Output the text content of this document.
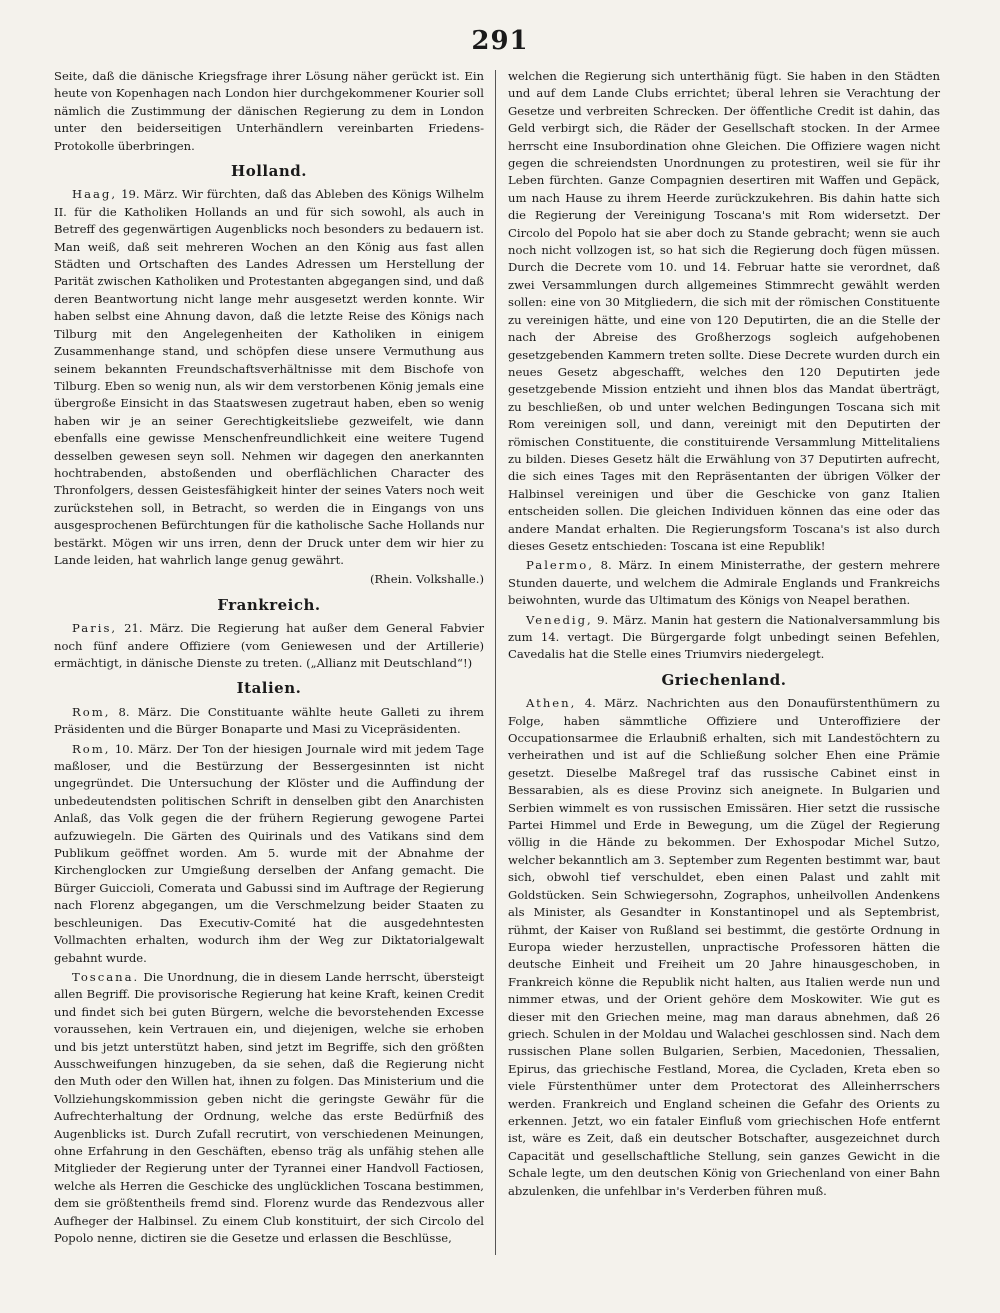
291

Seite, daß die dänische Kriegsfrage ihrer Lösung näher gerückt ist. Ein heute von Kopenhagen nach London hier durchgekommener Kourier soll nämlich die Zustimmung der dänischen Regierung zu dem in London unter den beiderseitigen Unterhändlern vereinbarten Friedens-Protokolle überbringen.

Holland.

Haag, 19. März. Wir fürchten, daß das Ableben des Königs Wilhelm II. für die Katholiken Hollands an und für sich sowohl, als auch in Betreff des gegenwärtigen Augenblicks noch besonders zu bedauern ist. Man weiß, daß seit mehreren Wochen an den König aus fast allen Städten und Ortschaften des Landes Adressen um Herstellung der Parität zwischen Katholiken und Protestanten abgegangen sind, und daß deren Beantwortung nicht lange mehr ausgesetzt werden konnte. Wir haben selbst eine Ahnung davon, daß die letzte Reise des Königs nach Tilburg mit den Angelegenheiten der Katholiken in einigem Zusammenhange stand, und schöpfen diese unsere Vermuthung aus seinem bekannten Freundschaftsverhältnisse mit dem Bischofe von Tilburg. Eben so wenig nun, als wir dem verstorbenen König jemals eine übergroße Einsicht in das Staatswesen zugetraut haben, eben so wenig haben wir je an seiner Gerechtigkeitsliebe gezweifelt, wie dann ebenfalls eine gewisse Menschenfreundlichkeit eine weitere Tugend desselben gewesen seyn soll. Nehmen wir dagegen den anerkannten hochtrabenden, abstoßenden und oberflächlichen Character des Thronfolgers, dessen Geistesfähigkeit hinter der seines Vaters noch weit zurückstehen soll, in Betracht, so werden die in Eingangs von uns ausgesprochenen Befürchtungen für die katholische Sache Hollands nur bestärkt. Mögen wir uns irren, denn der Druck unter dem wir hier zu Lande leiden, hat wahrlich lange genug gewährt.

(Rhein. Volkshalle.)
Frankreich.

Paris, 21. März. Die Regierung hat außer dem General Fabvier noch fünf andere Offiziere (vom Geniewesen und der Artillerie) ermächtigt, in dänische Dienste zu treten. („Allianz mit Deutschland“!)

Italien.

Rom, 8. März. Die Constituante wählte heute Galleti zu ihrem Präsidenten und die Bürger Bonaparte und Masi zu Vicepräsidenten.

Rom, 10. März. Der Ton der hiesigen Journale wird mit jedem Tage maßloser, und die Bestürzung der Bessergesinnten ist nicht ungegründet. Die Untersuchung der Klöster und die Auffindung der unbedeutendsten politischen Schrift in denselben gibt den Anarchisten Anlaß, das Volk gegen die der frühern Regierung gewogene Partei aufzuwiegeln. Die Gärten des Quirinals und des Vatikans sind dem Publikum geöffnet worden. Am 5. wurde mit der Abnahme der Kirchenglocken zur Umgießung derselben der Anfang gemacht. Die Bürger Guiccioli, Comerata und Gabussi sind im Auftrage der Regierung nach Florenz abgegangen, um die Verschmelzung beider Staaten zu beschleunigen. Das Executiv-Comité hat die ausgedehntesten Vollmachten erhalten, wodurch ihm der Weg zur Diktatorialgewalt gebahnt wurde.

Toscana. Die Unordnung, die in diesem Lande herrscht, übersteigt allen Begriff. Die provisorische Regierung hat keine Kraft, keinen Credit und findet sich bei guten Bürgern, welche die bevorstehenden Excesse voraussehen, kein Vertrauen ein, und diejenigen, welche sie erhoben und bis jetzt unterstützt haben, sind jetzt im Begriffe, sich den größten Ausschweifungen hinzugeben, da sie sehen, daß die Regierung nicht den Muth oder den Willen hat, ihnen zu folgen. Das Ministerium und die Vollziehungskommission geben nicht die geringste Gewähr für die Aufrechterhaltung der Ordnung, welche das erste Bedürfniß des Augenblicks ist. Durch Zufall recrutirt, von verschiedenen Meinungen, ohne Erfahrung in den Geschäften, ebenso träg als unfähig stehen alle Mitglieder der Regierung unter der Tyrannei einer Handvoll Factiosen, welche als Herren die Geschicke des unglücklichen Toscana bestimmen, dem sie größtentheils fremd sind. Florenz wurde das Rendezvous aller Aufheger der Halbinsel. Zu einem Club konstituirt, der sich Circolo del Popolo nenne, dictiren sie die Gesetze und erlassen die Beschlüsse,

welchen die Regierung sich unterthänig fügt. Sie haben in den Städten und auf dem Lande Clubs errichtet; überal lehren sie Verachtung der Gesetze und verbreiten Schrecken. Der öffentliche Credit ist dahin, das Geld verbirgt sich, die Räder der Gesellschaft stocken. In der Armee herrscht eine Insubordination ohne Gleichen. Die Offiziere wagen nicht gegen die schreiendsten Unordnungen zu protestiren, weil sie für ihr Leben fürchten. Ganze Compagnien desertiren mit Waffen und Gepäck, um nach Hause zu ihrem Heerde zurückzukehren. Bis dahin hatte sich die Regierung der Vereinigung Toscana's mit Rom widersetzt. Der Circolo del Popolo hat sie aber doch zu Stande gebracht; wenn sie auch noch nicht vollzogen ist, so hat sich die Regierung doch fügen müssen. Durch die Decrete vom 10. und 14. Februar hatte sie verordnet, daß zwei Versammlungen durch allgemeines Stimmrecht gewählt werden sollen: eine von 30 Mitgliedern, die sich mit der römischen Constituente zu vereinigen hätte, und eine von 120 Deputirten, die an die Stelle der nach der Abreise des Großherzogs sogleich aufgehobenen gesetzgebenden Kammern treten sollte. Diese Decrete wurden durch ein neues Gesetz abgeschafft, welches den 120 Deputirten jede gesetzgebende Mission entzieht und ihnen blos das Mandat überträgt, zu beschließen, ob und unter welchen Bedingungen Toscana sich mit Rom vereinigen soll, und dann, vereinigt mit den Deputirten der römischen Constituente, die constituirende Versammlung Mittelitaliens zu bilden. Dieses Gesetz hält die Erwählung von 37 Deputirten aufrecht, die sich eines Tages mit den Repräsentanten der übrigen Völker der Halbinsel vereinigen und über die Geschicke von ganz Italien entscheiden sollen. Die gleichen Individuen können das eine oder das andere Mandat erhalten. Die Regierungsform Toscana's ist also durch dieses Gesetz entschieden: Toscana ist eine Republik!

Palermo, 8. März. In einem Ministerrathe, der gestern mehrere Stunden dauerte, und welchem die Admirale Englands und Frankreichs beiwohnten, wurde das Ultimatum des Königs von Neapel berathen.

Venedig, 9. März. Manin hat gestern die Nationalversammlung bis zum 14. vertagt. Die Bürgergarde folgt unbedingt seinen Befehlen, Cavedalis hat die Stelle eines Triumvirs niedergelegt.

Griechenland.

Athen, 4. März. Nachrichten aus den Donaufürstenthümern zu Folge, haben sämmtliche Offiziere und Unteroffiziere der Occupationsarmee die Erlaubniß erhalten, sich mit Landestöchtern zu verheirathen und ist auf die Schließung solcher Ehen eine Prämie gesetzt. Dieselbe Maßregel traf das russische Cabinet einst in Bessarabien, als es diese Provinz sich aneignete. In Bulgarien und Serbien wimmelt es von russischen Emissären. Hier setzt die russische Partei Himmel und Erde in Bewegung, um die Zügel der Regierung völlig in die Hände zu bekommen. Der Exhospodar Michel Sutzo, welcher bekanntlich am 3. September zum Regenten bestimmt war, baut sich, obwohl tief verschuldet, eben einen Palast und zahlt mit Goldstücken. Sein Schwiegersohn, Zographos, unheilvollen Andenkens als Minister, als Gesandter in Konstantinopel und als Septembrist, rühmt, der Kaiser von Rußland sei bestimmt, die gestörte Ordnung in Europa wieder herzustellen, unpractische Professoren hätten die deutsche Einheit und Freiheit um 20 Jahre hinausgeschoben, in Frankreich könne die Republik nicht halten, aus Italien werde nun und nimmer etwas, und der Orient gehöre dem Moskowiter. Wie gut es dieser mit den Griechen meine, mag man daraus abnehmen, daß 26 griech. Schulen in der Moldau und Walachei geschlossen sind. Nach dem russischen Plane sollen Bulgarien, Serbien, Macedonien, Thessalien, Epirus, das griechische Festland, Morea, die Cycladen, Kreta eben so viele Fürstenthümer unter dem Protectorat des Alleinherrschers werden. Frankreich und England scheinen die Gefahr des Orients zu erkennen. Jetzt, wo ein fataler Einfluß vom griechischen Hofe entfernt ist, wäre es Zeit, daß ein deutscher Botschafter, ausgezeichnet durch Capacität und gesellschaftliche Stellung, sein ganzes Gewicht in die Schale legte, um den deutschen König von Griechenland von einer Bahn abzulenken, die unfehlbar in's Verderben führen muß.
